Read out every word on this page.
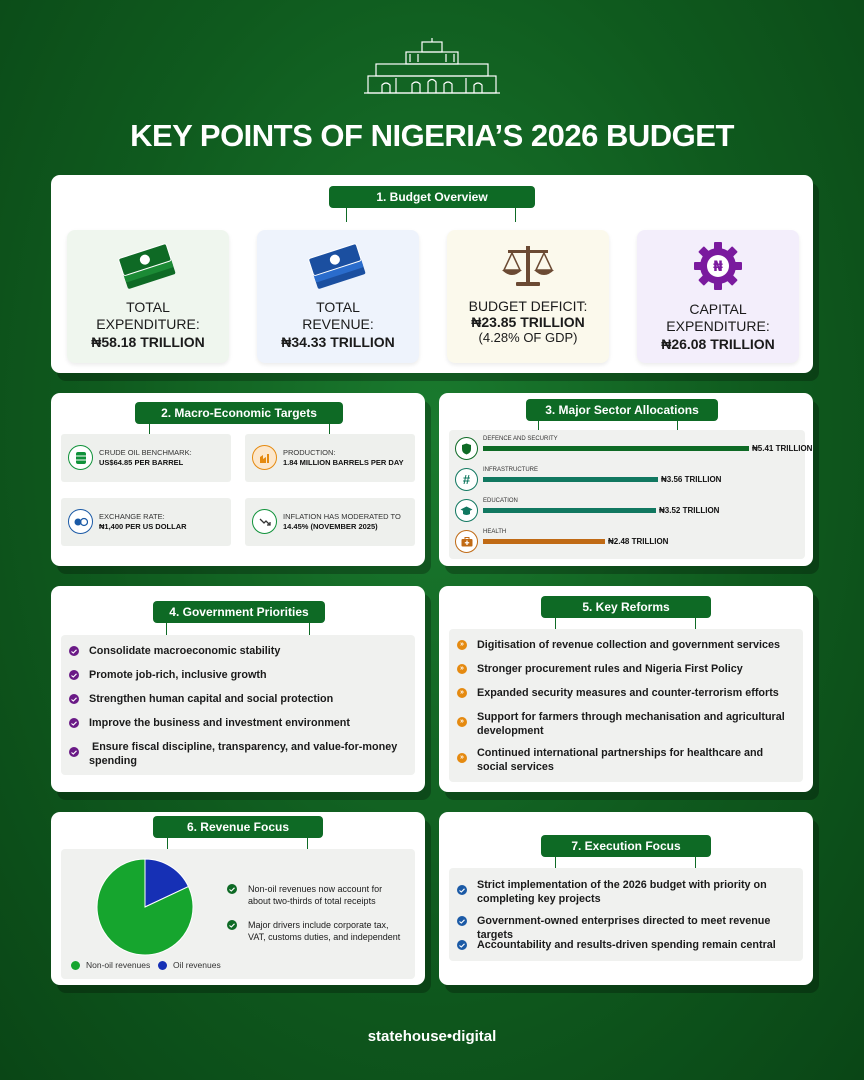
KEY POINTS OF NIGERIA’S 2026 BUDGET
1. Budget Overview
TOTAL
EXPENDITURE:
₦58.18 TRILLION
TOTAL
REVENUE:
₦34.33 TRILLION
BUDGET DEFICIT:
₦23.85 TRILLION
(4.28% OF GDP)
₦
CAPITAL
EXPENDITURE:
₦26.08 TRILLION
2. Macro-Economic Targets
CRUDE OIL BENCHMARK:
US$64.85 PER BARREL
PRODUCTION:
1.84 MILLION BARRELS PER DAY
EXCHANGE RATE:
₦1,400 PER US DOLLAR
INFLATION HAS MODERATED TO
14.45% (NOVEMBER 2025)
3. Major Sector Allocations
DEFENCE AND SECURITY
₦5.41 TRILLION
#
INFRASTRUCTURE
₦3.56 TRILLION
EDUCATION
₦3.52 TRILLION
HEALTH
₦2.48 TRILLION
4. Government Priorities
Consolidate macroeconomic stability
Promote job-rich, inclusive growth
Strengthen human capital and social protection
Improve the business and investment environment
Ensure fiscal discipline, transparency, and value-for-money spending
5. Key Reforms
» Digitisation of revenue collection and government services
» Stronger procurement rules and Nigeria First Policy
» Expanded security measures and counter-terrorism efforts
» Support for farmers through mechanisation and agricultural development
» Continued international partnerships for healthcare and social services
6. Revenue Focus
Non-oil revenues now account for about two-thirds of total receipts
Major drivers include corporate tax, VAT, customs duties, and independent
Non-oil revenues	Oil revenues
7. Execution Focus
Strict implementation of the 2026 budget with priority on completing key projects
Government-owned enterprises directed to meet revenue targets
Accountability and results-driven spending remain central
statehouse•digital
